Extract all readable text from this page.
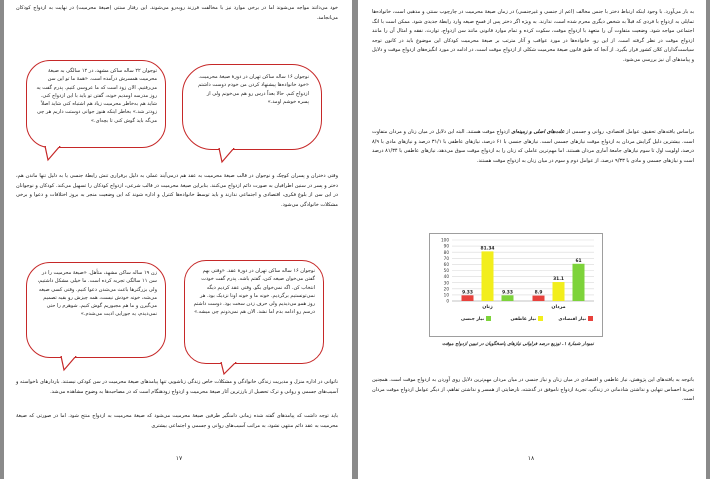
خود می‌دانند مواجه می‌شوند اما در برخی موارد نیز با مخالفت فرزند روبه‌رو می‌شوند. این رفتار سنتی (صیغهٔ محرمیت) در نهایت به ازدواج کودکان می‌انجامد.
توجوان ۲۲ ساله ساکن مشهد، در ۱۲ سالگی به صیغهٔ محرمیت همسرش درآمده است. «همهٔ ما تو این سن می‌رفتیم. الان زود است که ما عروسی کنیم. پدرم گفت یه روز مدرسه اومدیم خونه، گفتن تو باید با این ازدواج کنی. شاید هم به‌خاطر محرمیت زیاد هم اشتباه کنی شاید اصلاً زودتر شد.» بخاطر اینکه هنوز جوانی دوستت داریم هر چی می‌گه باید گوش کنی تا بچه‌ای.»
نوجوان ۱۶ ساله ساکن تهران در دورهٔ صیغهٔ محرمیت. «خود خانواده‌ها پیشنهاد کردن من خودم دوست داشتم ازدواج کنم. حالا بعداً درس رو هم می‌خونم ولی از پسره خوشم اومد.»
وقتی دختران و پسران کوچک و نوجوان در قالب صیغهٔ محرمیت به عقد هم درمی‌آیند عملی به دلیل برقراری تنش رابطهٔ جنسی یا به دلیل تنها ماندن هم، دختر و پسر در سنین اطرافیان به صورت دائم ازدواج می‌کنند. بنابراین صیغهٔ محرمیت در قالب شرعی، ازدواج کودکان را تسهیل می‌کند. کودکان و نوجوانان در این سن از بلوغ فکری، اقتصادی و اجتماعی ندارند و باید توسط خانواده‌ها کنترل و اداره شوند که این وضعیت منجر به بروز اختلافات و دعوا و برخی مشکلات خانوادگی می‌شود.
زن ۱۹ ساله ساکن مشهد، متأهل. «صیغهٔ محرمیت را در سن ۱۱ سالگی تجربه کرده است. ما خیلی مشکل داشتیم، ولی بزرگترها باعث می‌شدن دعوا کنیم. وقتی کسی صیغه می‌شه، خونه خودش نیست، همه چیزش رو بقیه تصمیم می‌گیرن و ما هم مجبوریم گوش کنیم. شوهرم را حتی نمی‌دیدم، یه جورایی اذیت می‌شدم.»
نوجوان ۱۶ ساله ساکن تهران در دورهٔ عقد. «وقتی بهم گفتن می‌خوان صیغه کنن، گفتم باشه. پدرم گفت خودت انتخاب کن. اگه نمی‌خوای بگو. وقتی عقد کردیم دیگه نمی‌تونستیم برگردیم. خونه ما و خونه اونا نزدیک بود. هر روز همو می‌دیدیم ولی حرف زدن سخت بود. دوست داشتم درسم رو ادامه بدم اما نشد. الان هم نمی‌دونم چی میشه.»
ناتوانی در اداره منزل و مدیریت زندگی خانوادگی و مشکلات خاص زندگی زناشویی تنها پیامدهای صیغهٔ محرمیت در سن کودکی نیستند. باردارهای ناخواسته و آسیب‌های جسمی و روانی و ترک تحصیل از بارزترین آثار صیغهٔ محرمیت و ازدواج زودهنگام است که در مصاحبه‌ها به وضوح مشاهده می‌شد.
باید توجه داشت که پیامدهای گفته شده زمانی دامنگیر طرفین صیغهٔ محرمیت می‌شود که صیغهٔ محرمیت به ازدواج منتج شود. اما در صورتی که صیغهٔ محرمیت به عقد دائم منتهی نشود، به مراتب آسیب‌های روانی و جسمی و اجتماعی بیشتری
۱۷
به بار می‌آورد. با وجود اینکه ارتباط دختر با جنس مخالف (اعم از جنسی و غیرجنسی) در زمان صیغهٔ محرمیت در چارچوب سنتی و مذهبی است، خانواده‌ها تمایلی به ازدواج با فردی که قبلاً به شخص دیگری محرم شده است، ندارند. به ویژه اگر دختر پس از فسخ صیغه وارد رابطهٔ جدیدی شود. ممکن است با انگ اجتماعی مواجه شود. وضعیت متفاوت آن را متعهد با ازدواج موقت، سکوت کرده و تمام موارد قانونی مانند سن ازدواج، توارث، نفقه و امثال آن را مانند ازدواج موقت در نظر گرفته است. از این رو، خانواده‌ها در مورد عواقب و آثار مترتب بر صیغهٔ محرمیت کودکان این موضوع باید در کانون توجه سیاست‌گذاران کلان کشور قرار بگیرد. از آنجا که طبق قانون صیغهٔ محرمیت شکلی از ازدواج موقت است، در ادامه در مورد انگیزه‌های ازدواج موقت و دلایل و پیامدهای آن نیز بررسی می‌شود.
براساس یافته‌های تحقیق، عوامل اقتصادی، روانی و جسمی از علت‌های اصلی و زمینه‌ای ازدواج موقت هستند. البته این دلایل در میان زنان و مردان متفاوت است. بیشترین دلیل گرایش مردان به ازدواج موقت نیازهای جسمی است. نیازهای جنسی با ۶۱ درصد، نیازهای عاطفی با ۳۱/۱ درصد و نیازهای مادی با ۸/۹ درصد، اولویت اول تا سوم نیازهای جامعهٔ آماری مردان هستند. اما مهم‌ترین عاملی که زنان را به ازدواج موقت سوق می‌دهد، نیازهای عاطفی با ۸۱/۳۴ درصد است و نیازهای جسمی و مادی با ۹/۳۳ درصد، از عوامل دوم و سوم در میان زنان به ازدواج موقت هستند.
0
10
20
30
40
50
60
70
80
90
100
8.9
31.1
61
مردان
9.33
81.34
9.33
زنان
نیاز اقتصادی
نیاز عاطفی
نیاز جنسی
نمودار شمارهٔ ۱. توزیع درصد فراوانی نیازهای پاسخگویان در تبیین ازدواج موقت
باتوجه به یافته‌های این پژوهش، نیاز عاطفی و اقتصادی در میان زنان و نیاز جنسی در میان مردان مهم‌ترین دلایل روی آوردن به ازدواج موقت است. همچنین تجربهٔ احساس تنهایی و نداشتن شادمانی در زندگی، تجربهٔ ازدواج ناموفق در گذشته، نارضایتی از همسر و نداشتن تفاهم، از دیگر عوامل ازدواج موقت مردان است.
۱۸
